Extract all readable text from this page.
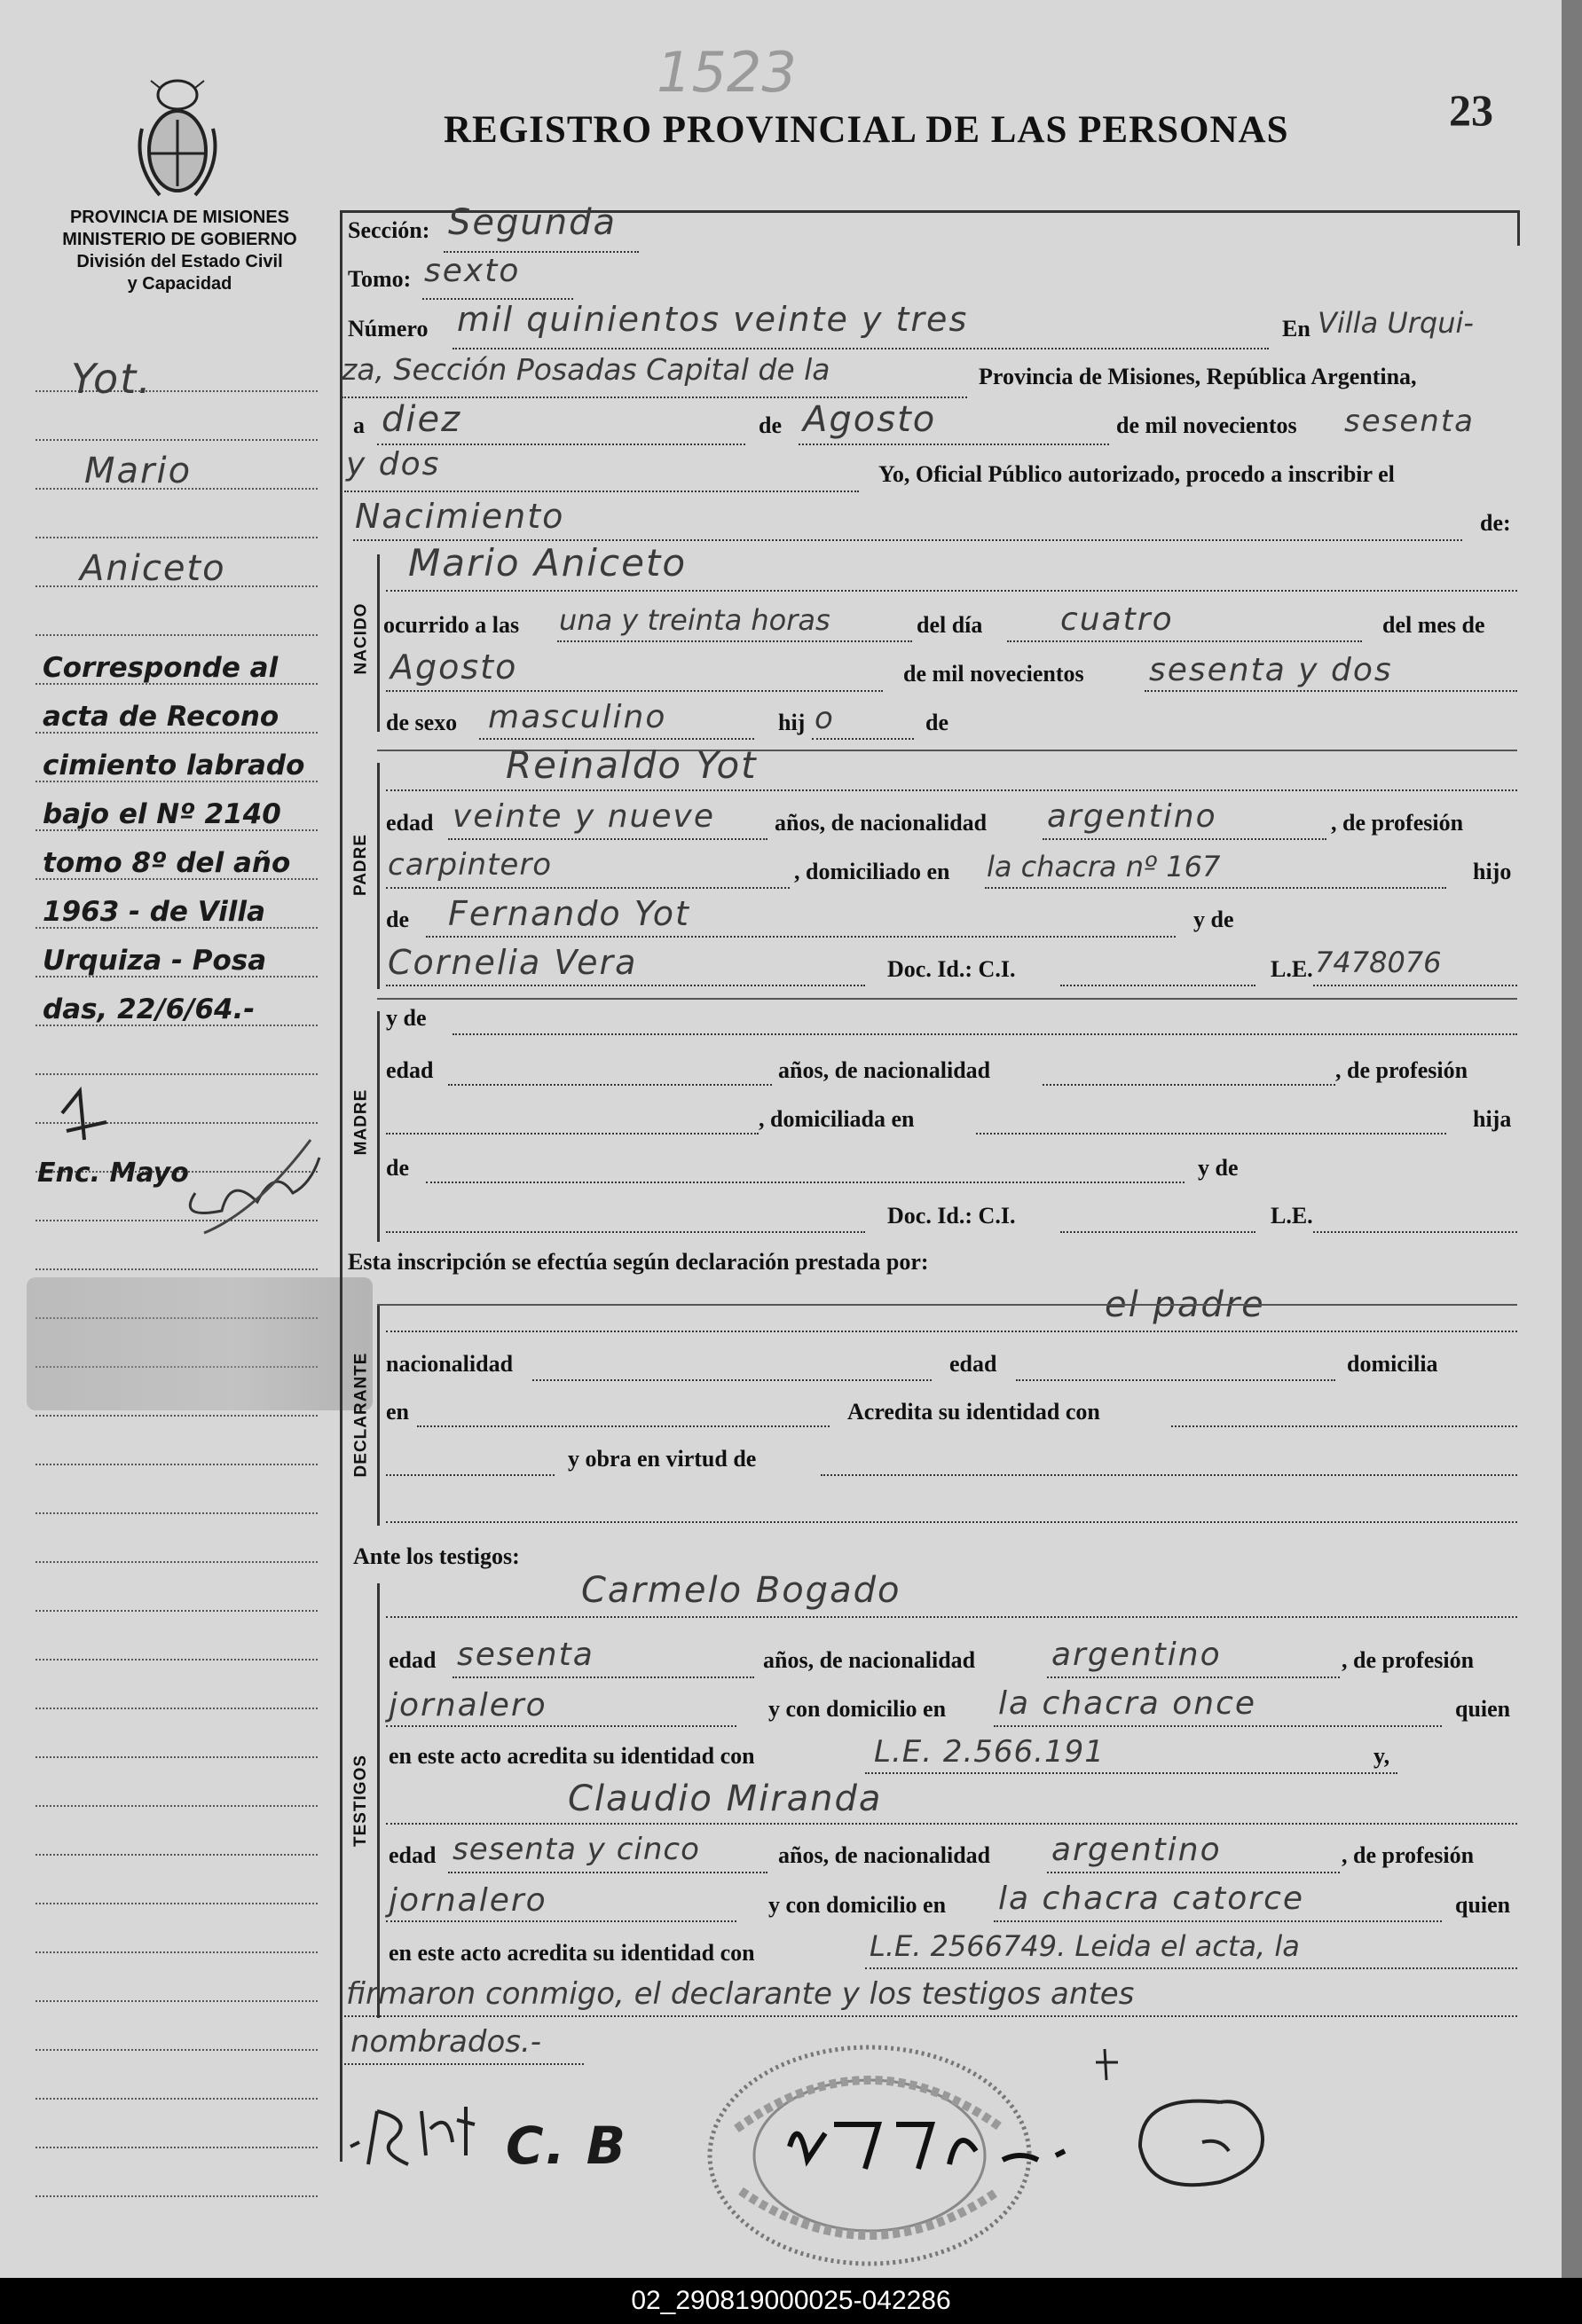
PROVINCIA DE MISIONES
MINISTERIO DE GOBIERNO
División del Estado Civil
y Capacidad
1523
REGISTRO PROVINCIAL DE LAS PERSONAS	23
Yot.
Mario
Aniceto
Corresponde al
acta de Recono
cimiento labrado
bajo el Nº 2140
tomo 8º del año
1963 - de Villa
Urquiza - Posa
das, 22/6/64.-
Enc. Mayo
Sección: Segunda
Tomo: sexto
Número mil quinientos veinte y tres	En Villa Urqui-
za, Sección Posadas Capital de la	Provincia de Misiones, República Argentina,
a diez	de Agosto	de mil novecientos sesenta
y dos	Yo, Oficial Público autorizado, procedo a inscribir el
Nacimiento	de:
NACIDO
Mario Aniceto
ocurrido a las una y treinta horas	del día cuatro	del mes de
Agosto	de mil novecientos sesenta y dos
de sexo masculino	hij o	de
PADRE
Reinaldo Yot
edad veinte y nueve	años, de nacionalidad argentino	, de profesión
carpintero	, domiciliado en la chacra nº 167	hijo
de Fernando Yot	y de
Cornelia Vera	Doc. Id.: C.I.	L.E. 7478076
MADRE
y de
edad	años, de nacionalidad	, de profesión
, domiciliada en	hija
de	y de
Doc. Id.: C.I.	L.E.
Esta inscripción se efectúa según declaración prestada por:
el padre
DECLARANTE nacionalidad	edad	domicilia
en	Acredita su identidad con
y obra en virtud de
Ante los testigos:
TESTIGOS
Carmelo Bogado
edad sesenta	años, de nacionalidad argentino	, de profesión
jornalero	y con domicilio en la chacra once	quien
en este acto acredita su identidad con	L.E. 2.566.191	y,
Claudio Miranda
edad sesenta y cinco	años, de nacionalidad argentino	, de profesión
jornalero	y con domicilio en la chacra catorce	quien
en este acto acredita su identidad con	L.E. 2566749. Leida el acta, la
firmaron conmigo, el declarante y los testigos antes
nombrados.-
C. B
02_290819000025-042286
